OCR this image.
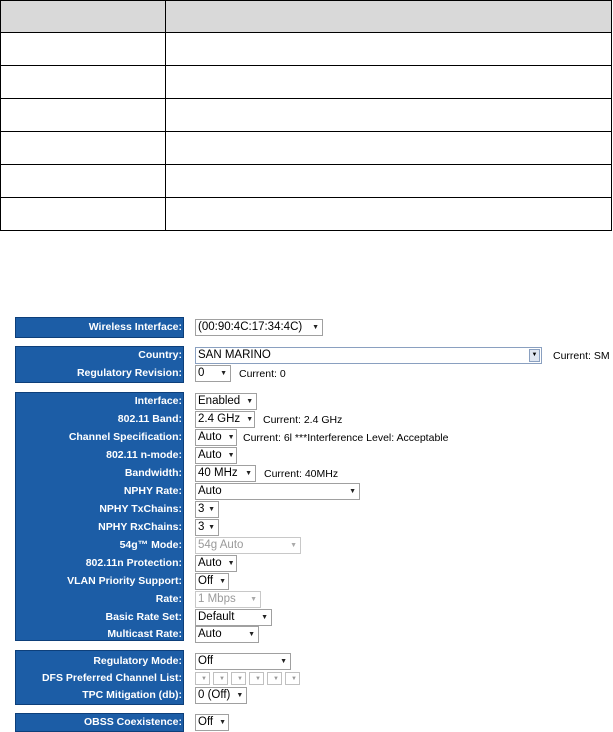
Wireless Interface: (00:90:4C:17:34:4C) ▼
Country: SAN MARINO	▼ Current: SM
Regulatory Revision: 0 ▼ Current: 0
Interface: Enabled ▼
802.11 Band: 2.4 GHz ▼ Current: 2.4 GHz
Channel Specification: Auto ▼ Current: 6l ***Interference Level: Acceptable
802.11 n-mode: Auto ▼
Bandwidth: 40 MHz ▼ Current: 40MHz
NPHY Rate: Auto	▼
NPHY TxChains: 3 ▼
NPHY RxChains: 3 ▼
54g™ Mode: 54g Auto	▼
802.11n Protection: Auto ▼
VLAN Priority Support: Off ▼
Rate: 1 Mbps ▼
Basic Rate Set: Default	▼
Multicast Rate: Auto	▼
Regulatory Mode: Off	▼
DFS Preferred Channel List:	▼	▼	▼	▼	▼	▼
TPC Mitigation (db): 0 (Off) ▼
OBSS Coexistence: Off ▼
